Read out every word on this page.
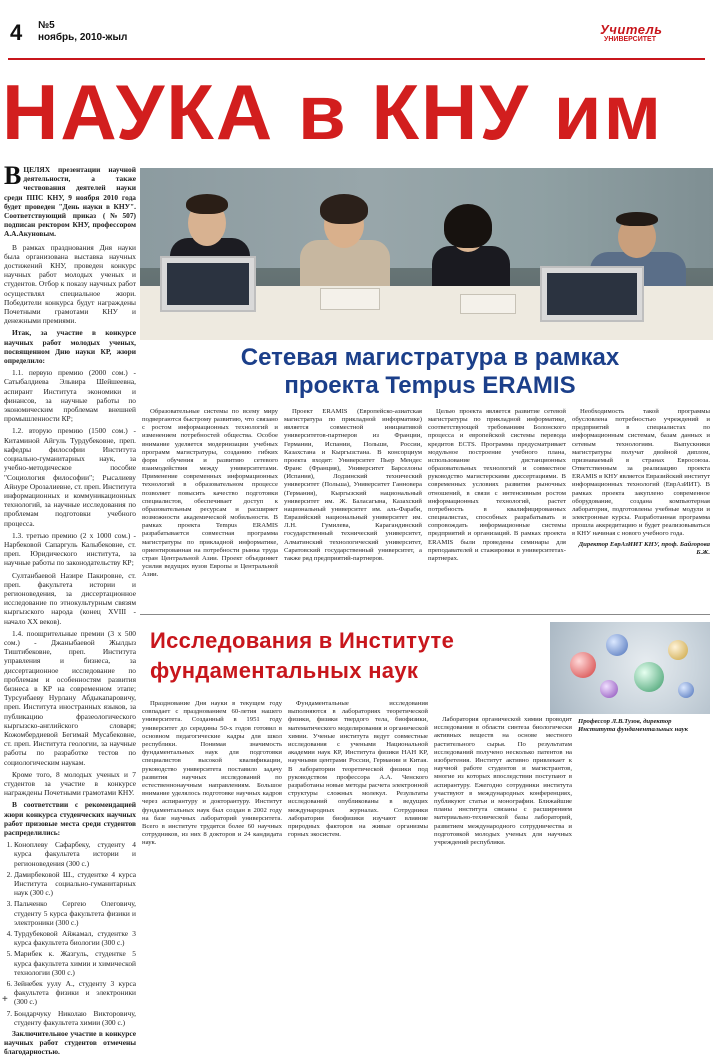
4 №5
ноябрь, 2010-жыл
Учитель
УНИВЕРСИТЕТ
НАУКА в КНУ им
ВЦЕЛЯХ презентации научной деятельности, а также чествования деятелей науки среди ППС КНУ, 9 ноября 2010 года будет проведен "День науки в КНУ". Соответствующий приказ (№507) подписан ректором КНУ, профессором А.А.Акуновым.

В рамках празднования Дня науки была организована выставка научных достижений КНУ, проведен конкурс научных работ молодых ученых и студентов. Отбор к показу научных работ осуществлял специальное жюри. Победители конкурса будут награждены Почетными грамотами КНУ и денежными премиями.

Итак, за участие в конкурсе научных работ молодых ученых, посвященном Дню науки КР, жюри определило:

1.1. первую премию (2000 сом.) - Сатыбалдиева Эльвира Шейшеевна, аспирант Института экономики и финансов, за научные работы по экономическим проблемам внешней промышленности КР;

1.2. вторую премию (1500 сом.) - Китаминой Айгуль Турдубековне, преп. кафедры философии Института социально-гуманитарных наук, за учебно-методическое пособие "Социология философии"; Рысалиеву Айнуре Орозалиевне, ст. преп. Института информационных и коммуникационных технологий, за научные исследования по проблемам подготовки учебного процесса.

1.3. третью премию (2 х 1000 сом.) - Нарбековой Сапаргуль Калыбековне, ст. преп. Юридического института, за научные работы по законодательству КР;

Султанбаевой Назире Пакировне, ст. преп. факультета истории и регионоведения, за диссертационное исследование по этнокультурным связям кыргызского народа (конец XVIII - начало XX веков).

1.4. поощрительные премии (3 х 500 сом.) - Джаныбаевой Жылдыз Тиштибековне, преп. Института управления и бизнеса, за диссертационное исследование по проблемам и особенностям развития бизнеса в КР на современном этапе; Турсунбаеву Нурлану Абдыкапаровичу, преп. Института иностранных языков, за публикацию фразеологического кыргызско-английского словаря; Кожомбердиевой Бегимай Мусабековне, ст. преп. Института геологии, за научные работы по разработке тестов по социологическим наукам.

Кроме того, 8 молодых ученых и 7 студентов за участие в конкурсе награждены Почетными грамотами КНУ.

В соответствии с рекомендацией жюри конкурса студенческих научных работ призовые места среди студентов распределились:

1. Коноплеву Сафарбеку, студенту 4 курса факультета истории и регионоведения (300 с.)
2. Дамирбековой Ш., студентке 4 курса Института социально-гуманитарных наук (300 с.)
3. Пальченко Сергею Олеговичу, студенту 5 курса факультета физики и электроники (300 с.)
4. Турдубековой Айжамал, студентке 3 курса факультета биологии (300 с.)
5. Марибек к. Жазгуль, студентке 5 курса факультета химии и химической технологии (300 с.)
6. Зейнебек уулу А., студенту 3 курса факультета физики и электроники (300 с.)
7. Бондарчуку Николаю Викторовичу, студенту факультета химии (300 с.)

Заключительное участие в конкурсе научных работ студентов отмечены благодарностью.

Сетевая магистратура в рамках
проекта Tempus ERAMIS

Образовательные системы по всему миру подвергаются быстрому развитию, что связано с ростом информационных технологий и изменением потребностей общества. Особое внимание уделяется модернизации учебных программ магистратуры, созданию гибких форм обучения и развитию сетевого взаимодействия между университетами. Применение современных информационных технологий в образовательном процессе позволяет повысить качество подготовки специалистов, обеспечивает доступ к образовательным ресурсам и расширяет возможности академической мобильности. В рамках проекта Tempus ERAMIS разрабатывается совместная программа магистратуры по прикладной информатике, ориентированная на потребности рынка труда стран Центральной Азии. Проект объединяет усилия ведущих вузов Европы и Центральной Азии.

Проект ERAMIS (Европейско-азиатская магистратура по прикладной информатике) является совместной инициативой университетов-партнеров из Франции, Германии, Испании, Польши, России, Казахстана и Кыргызстана. В консорциум проекта входят: Университет Пьер Мендес Франс (Франция), Университет Барселоны (Испания), Лодзинский технический университет (Польша), Университет Ганновера (Германия), Кыргызский национальный университет им. Ж. Баласагына, Казахский национальный университет им. аль-Фараби, Евразийский национальный университет им. Л.Н. Гумилева, Карагандинский государственный технический университет, Алматинский технологический университет, Саратовский государственный университет, а также ряд предприятий-партнеров.

Целью проекта является развитие сетевой магистратуры по прикладной информатике, соответствующей требованиям Болонского процесса и европейской системы перевода кредитов ECTS. Программа предусматривает модульное построение учебного плана, использование дистанционных образовательных технологий и совместное руководство магистерскими диссертациями. В современных условиях развития рыночных отношений, в связи с интенсивным ростом информационных технологий, растет потребность в квалифицированных специалистах, способных разрабатывать и сопровождать информационные системы предприятий и организаций. В рамках проекта ERAMIS были проведены семинары для преподавателей и стажировки в университетах-партнерах.

Необходимость такой программы обусловлена потребностью учреждений и предприятий в специалистах по информационным системам, базам данных и сетевым технологиям. Выпускники магистратуры получат двойной диплом, признаваемый в странах Евросоюза. Ответственным за реализацию проекта ERAMIS в КНУ является Евразийский институт информационных технологий (ЕврАзИИТ). В рамках проекта закуплено современное оборудование, создана компьютерная лаборатория, подготовлены учебные модули и электронные курсы. Разработанная программа прошла аккредитацию и будет реализовываться в КНУ начиная с нового учебного года.

Директор ЕврАзИИТ КНУ, проф. Байгорова Б.Ж.
Исследования в Институте
фундаментальных наук

Празднование Дня науки в текущем году совпадает с празднованием 60-летия нашего университета. Созданный в 1951 году университет до середины 50-х годов готовил в основном педагогические кадры для школ республики. Понимая значимость фундаментальных наук для подготовки специалистов высокой квалификации, руководство университета поставило задачу развития научных исследований по естественнонаучным направлениям. Большое внимание уделялось подготовке научных кадров через аспирантуру и докторантуру. Институт фундаментальных наук был создан в 2002 году на базе научных лабораторий университета. Всего в институте трудятся более 60 научных сотрудников, из них 8 докторов и 24 кандидата наук.

Фундаментальные исследования выполняются в лабораториях теоретической физики, физики твердого тела, биофизики, математического моделирования и органической химии. Ученые института ведут совместные исследования с учеными Национальной академии наук КР, Института физики НАН КР, научными центрами России, Германии и Китая. В лаборатории теоретической физики под руководством профессора А.А. Ченского разработаны новые методы расчета электронной структуры сложных молекул. Результаты исследований опубликованы в ведущих международных журналах. Сотрудники лаборатории биофизики изучают влияние природных факторов на живые организмы горных экосистем.

Лаборатория органической химии проводит исследования в области синтеза биологически активных веществ на основе местного растительного сырья. По результатам исследований получено несколько патентов на изобретения. Институт активно привлекает к научной работе студентов и магистрантов, многие из которых впоследствии поступают в аспирантуру. Ежегодно сотрудники института участвуют в международных конференциях, публикуют статьи и монографии. Ближайшие планы института связаны с расширением материально-технической базы лабораторий, развитием международного сотрудничества и подготовкой молодых ученых для научных учреждений республики.

Профессор Л.В.Тузов, директор Института фундаментальных наук
+
